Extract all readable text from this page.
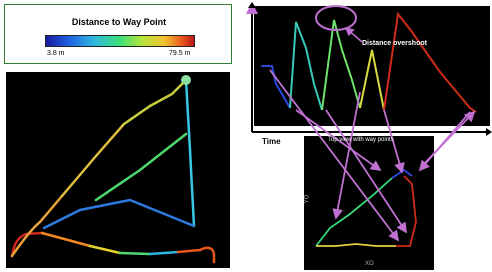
Distance to Way Point
3.8 m	79.5 m	Distance to WP
Time
Distance overshoot
Top view with way points
YO
XO
